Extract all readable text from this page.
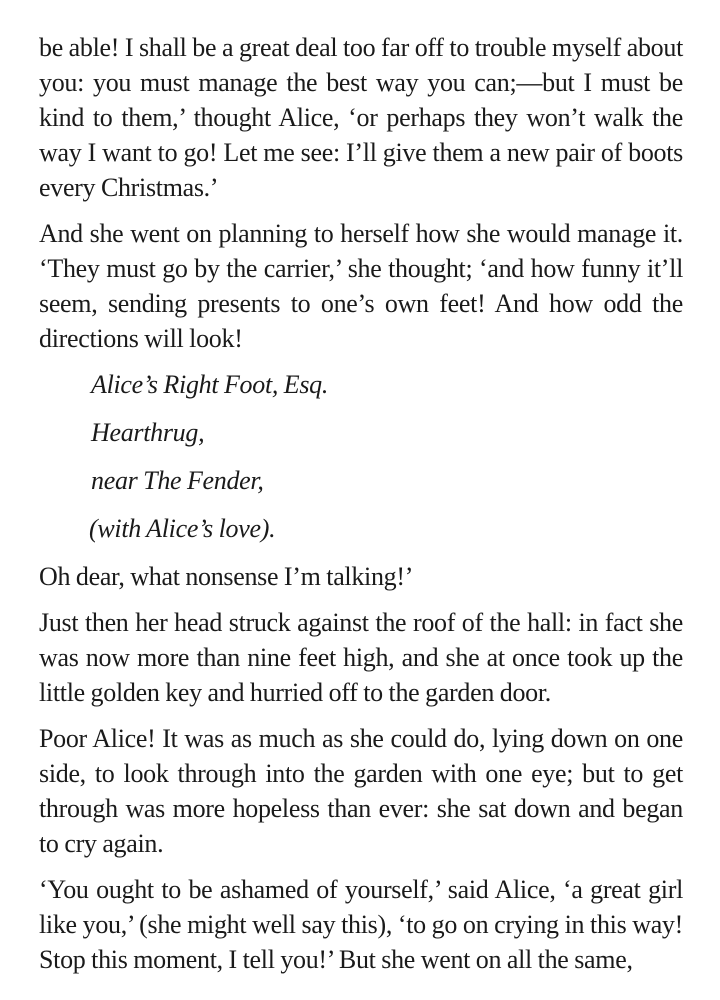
be able! I shall be a great deal too far off to trouble myself about you: you must manage the best way you can;—but I must be kind to them,’ thought Alice, ‘or perhaps they won’t walk the way I want to go! Let me see: I’ll give them a new pair of boots every Christmas.’

And she went on planning to herself how she would manage it. ‘They must go by the carrier,’ she thought; ‘and how funny it’ll seem, sending presents to one’s own feet! And how odd the directions will look!

Alice’s Right Foot, Esq.

Hearthrug,

near The Fender,

(with Alice’s love).

Oh dear, what nonsense I’m talking!’

Just then her head struck against the roof of the hall: in fact she was now more than nine feet high, and she at once took up the little golden key and hurried off to the garden door.

Poor Alice! It was as much as she could do, lying down on one side, to look through into the garden with one eye; but to get through was more hopeless than ever: she sat down and began to cry again.

‘You ought to be ashamed of yourself,’ said Alice, ‘a great girl like you,’ (she might well say this), ‘to go on crying in this way! Stop this moment, I tell you!’ But she went on all the same,
